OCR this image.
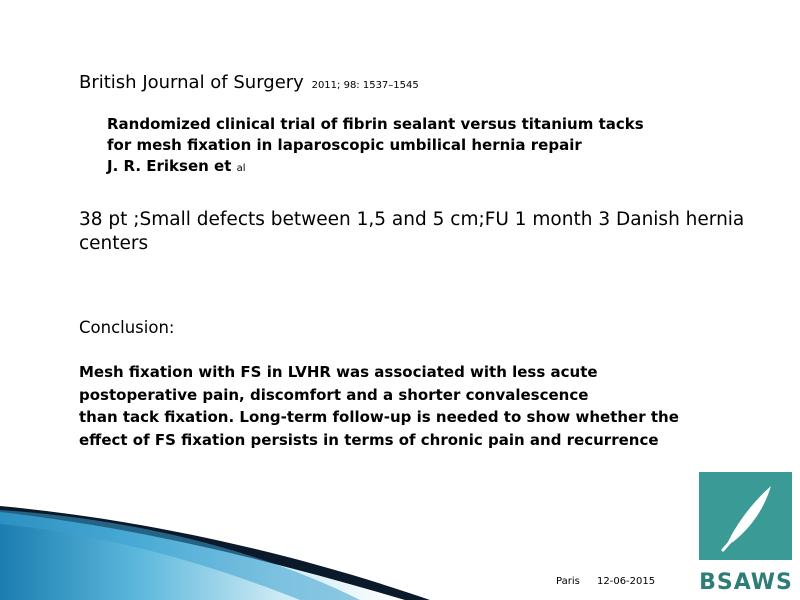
British Journal of Surgery 2011; 98: 1537–1545
Randomized clinical trial of fibrin sealant versus titanium tacks
for mesh fixation in laparoscopic umbilical hernia repair
J. R. Eriksen et al
38 pt ;Small defects between 1,5 and 5 cm;FU 1 month 3 Danish hernia centers
Conclusion:
Mesh fixation with FS in LVHR was associated with less acute
postoperative pain, discomfort and a shorter convalescence
than tack fixation. Long-term follow-up is needed to show whether the
effect of FS fixation persists in terms of chronic pain and recurrence
Paris 12-06-2015 BSAWS
